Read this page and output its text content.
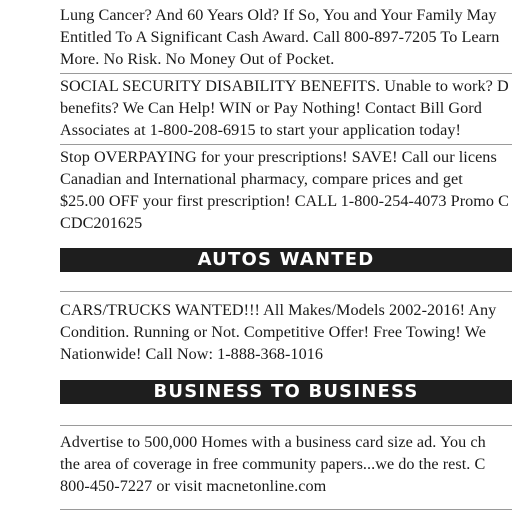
Lung Cancer? And 60 Years Old? If So, You and Your Family May
Entitled To A Significant Cash Award. Call 800-897-7205 To Learn
More. No Risk. No Money Out of Pocket.
SOCIAL SECURITY DISABILITY BENEFITS. Unable to work? D
benefits? We Can Help! WIN or Pay Nothing! Contact Bill Gord
Associates at 1-800-208-6915 to start your application today!
Stop OVERPAYING for your prescriptions! SAVE! Call our licens
Canadian and International pharmacy, compare prices and get
$25.00 OFF your first prescription! CALL 1-800-254-4073 Promo C
CDC201625
AUTOS WANTED
CARS/TRUCKS WANTED!!! All Makes/Models 2002-2016! Any
Condition. Running or Not. Competitive Offer! Free Towing! We
Nationwide! Call Now: 1-888-368-1016
BUSINESS TO BUSINESS
Advertise to 500,000 Homes with a business card size ad. You ch
the area of coverage in free community papers...we do the rest. C
800-450-7227 or visit macnetonline.com
